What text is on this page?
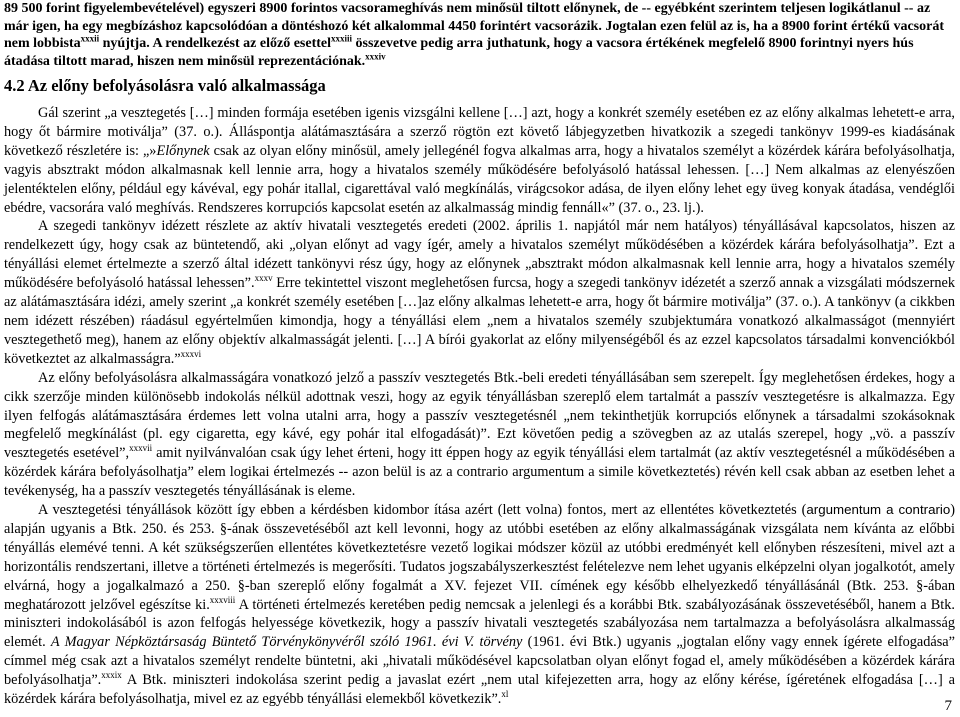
89 500 forint figyelembevételével) egyszeri 8900 forintos vacsorameghívás nem minősül tiltott előnynek, de -- egyébként szerintem teljesen logikátlanul -- az már igen, ha egy megbízáshoz kapcsolódóan a döntéshozó két alkalommal 4450 forintért vacsorázik. Jogtalan ezen felül az is, ha a 8900 forint értékű vacsorát nem lobbista$^{xxxii}$ nyújtja. A rendelkezést az előző esettel$^{xxxiii}$ összevetve pedig arra juthatunk, hogy a vacsora értékének megfelelő 8900 forintnyi nyers hús átadása tiltott marad, hiszen nem minősül reprezentációnak.$^{xxxiv}$

4.2 Az előny befolyásolásra való alkalmassága

Gál szerint „a vesztegetés […] minden formája esetében igenis vizsgálni kellene […] azt, hogy a konkrét személy esetében ez az előny alkalmas lehetett-e arra, hogy őt bármire motiválja” (37. o.). Álláspontja alátámasztására a szerző rögtön ezt követő lábjegyzetben hivatkozik a szegedi tankönyv 1999-es kiadásának következő részletére is: „»Előnynek csak az olyan előny minősül, amely jellegénél fogva alkalmas arra, hogy a hivatalos személyt a közérdek kárára befolyásolhatja, vagyis absztrakt módon alkalmasnak kell lennie arra, hogy a hivatalos személy működésére befolyásoló hatással lehessen. […] Nem alkalmas az elenyészően jelentéktelen előny, például egy kávéval, egy pohár itallal, cigarettával való megkínálás, virágcsokor adása, de ilyen előny lehet egy üveg konyak átadása, vendéglői ebédre, vacsorára való meghívás. Rendszeres korrupciós kapcsolat esetén az alkalmasság mindig fennáll«” (37. o., 23. lj.).

A szegedi tankönyv idézett részlete az aktív hivatali vesztegetés eredeti (2002. április 1. napjától már nem hatályos) tényállásával kapcsolatos, hiszen az rendelkezett úgy, hogy csak az büntetendő, aki „olyan előnyt ad vagy ígér, amely a hivatalos személyt működésében a közérdek kárára befolyásolhatja”. Ezt a tényállási elemet értelmezte a szerző által idézett tankönyvi rész úgy, hogy az előnynek „absztrakt módon alkalmasnak kell lennie arra, hogy a hivatalos személy működésére befolyásoló hatással lehessen”.$^{xxxv}$ Erre tekintettel viszont meglehetősen furcsa, hogy a szegedi tankönyv idézetét a szerző annak a vizsgálati módszernek az alátámasztására idézi, amely szerint „a konkrét személy esetében […]az előny alkalmas lehetett-e arra, hogy őt bármire motiválja” (37. o.). A tankönyv (a cikkben nem idézett részében) ráadásul egyértelműen kimondja, hogy a tényállási elem „nem a hivatalos személy szubjektumára vonatkozó alkalmasságot (mennyiért vesztegethető meg), hanem az előny objektív alkalmasságát jelenti. […] A bírói gyakorlat az előny milyenségéből és az ezzel kapcsolatos társadalmi konvenciókból következtet az alkalmasságra.”$^{xxxvi}$

Az előny befolyásolásra alkalmasságára vonatkozó jelző a passzív vesztegetés Btk.-beli eredeti tényállásában sem szerepelt. Így meglehetősen érdekes, hogy a cikk szerzője minden különösebb indokolás nélkül adottnak veszi, hogy az egyik tényállásban szereplő elem tartalmát a passzív vesztegetésre is alkalmazza. Egy ilyen felfogás alátámasztására érdemes lett volna utalni arra, hogy a passzív vesztegetésnél „nem tekinthetjük korrupciós előnynek a társadalmi szokásoknak megfelelő megkínálást (pl. egy cigaretta, egy kávé, egy pohár ital elfogadását)”. Ezt követően pedig a szövegben az az utalás szerepel, hogy „vö. a passzív vesztegetés esetével”,$^{xxxvii}$ amit nyilvánvalóan csak úgy lehet érteni, hogy itt éppen hogy az egyik tényállási elem tartalmát (az aktív vesztegetésnél a működésében a közérdek kárára befolyásolhatja” elem logikai értelmezés -- azon belül is az a contrario argumentum a simile következtetés) révén kell csak abban az esetben lehet a tevékenység, ha a passzív vesztegetés tényállásának is eleme.

A vesztegetési tényállások között így ebben a kérdésben kidombor ítása azért (lett volna) fontos, mert az ellentétes következtetés (argumentum a contrario) alapján ugyanis a Btk. 250. és 253. §-ának összevetéséből azt kell levonni, hogy az utóbbi esetében az előny alkalmasságának vizsgálata nem kívánta az előbbi tényállás elemévé tenni. A két szükségszerűen ellentétes következtetésre vezető logikai módszer közül az utóbbi eredményét kell előnyben részesíteni, mivel azt a horizontális rendszertani, illetve a történeti értelmezés is megerősíti. Tudatos jogszabályszerkesztést felételezve nem lehet ugyanis elképzelni olyan jogalkotót, amely elvárná, hogy a jogalkalmazó a 250. §-ban szereplő előny fogalmát a XV. fejezet VII. címének egy később elhelyezkedő tényállásánál (Btk. 253. §-ában meghatározott jelzővel egészítse ki.$^{xxxviii}$ A történeti értelmezés keretében pedig nemcsak a jelenlegi és a korábbi Btk. szabályozásának összevetéséből, hanem a Btk. miniszteri indokolásából is azon felfogás helyessége következik, hogy a passzív hivatali vesztegetés szabályozása nem tartalmazza a befolyásolásra alkalmasság elemét. A Magyar Népköztársaság Büntető Törvénykönyvéről szóló 1961. évi V. törvény (1961. évi Btk.) ugyanis „jogtalan előny vagy ennek ígérete elfogadása” címmel még csak azt a hivatalos személyt rendelte büntetni, aki „hivatali működésével kapcsolatban olyan előnyt fogad el, amely működésében a közérdek kárára befolyásolhatja”.$^{xxxix}$ A Btk. miniszteri indokolása szerint pedig a javaslat ezért „nem utal kifejezetten arra, hogy az előny kérése, ígéretének elfogadása […] a közérdek kárára befolyásolhatja, mivel ez az egyébb tényállási elemekből következik”.$^{xl}$

7
